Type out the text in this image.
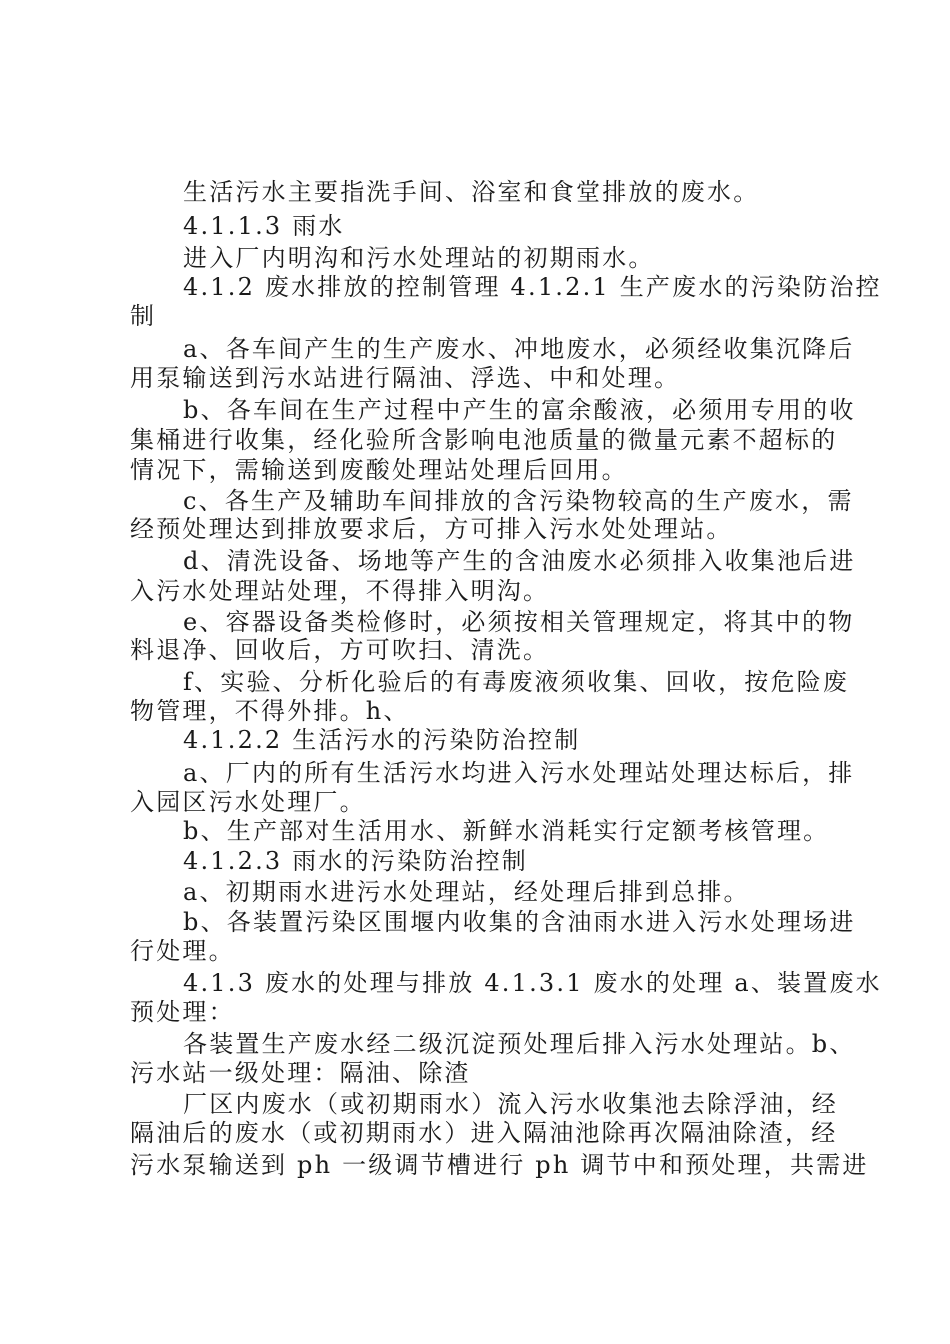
生活污水主要指洗手间、浴室和食堂排放的废水。
4.1.1.3 雨水
进入厂内明沟和污水处理站的初期雨水。
4.1.2 废水排放的控制管理 4.1.2.1 生产废水的污染防治控
制
a、各车间产生的生产废水、冲地废水，必须经收集沉降后
用泵输送到污水站进行隔油、浮选、中和处理。
b、各车间在生产过程中产生的富余酸液，必须用专用的收
集桶进行收集，经化验所含影响电池质量的微量元素不超标的
情况下，需输送到废酸处理站处理后回用。
c、各生产及辅助车间排放的含污染物较高的生产废水，需
经预处理达到排放要求后，方可排入污水处处理站。
d、清洗设备、场地等产生的含油废水必须排入收集池后进
入污水处理站处理，不得排入明沟。
e、容器设备类检修时，必须按相关管理规定，将其中的物
料退净、回收后，方可吹扫、清洗。
f、实验、分析化验后的有毒废液须收集、回收，按危险废
物管理，不得外排。h、
4.1.2.2 生活污水的污染防治控制
a、厂内的所有生活污水均进入污水处理站处理达标后，排
入园区污水处理厂。
b、生产部对生活用水、新鲜水消耗实行定额考核管理。
4.1.2.3 雨水的污染防治控制
a、初期雨水进污水处理站，经处理后排到总排。
b、各装置污染区围堰内收集的含油雨水进入污水处理场进
行处理。
4.1.3 废水的处理与排放 4.1.3.1 废水的处理 a、装置废水
预处理：
各装置生产废水经二级沉淀预处理后排入污水处理站。b、
污水站一级处理：隔油、除渣
厂区内废水（或初期雨水）流入污水收集池去除浮油，经
隔油后的废水（或初期雨水）进入隔油池除再次隔油除渣，经
污水泵输送到 ph 一级调节槽进行 ph 调节中和预处理，共需进
